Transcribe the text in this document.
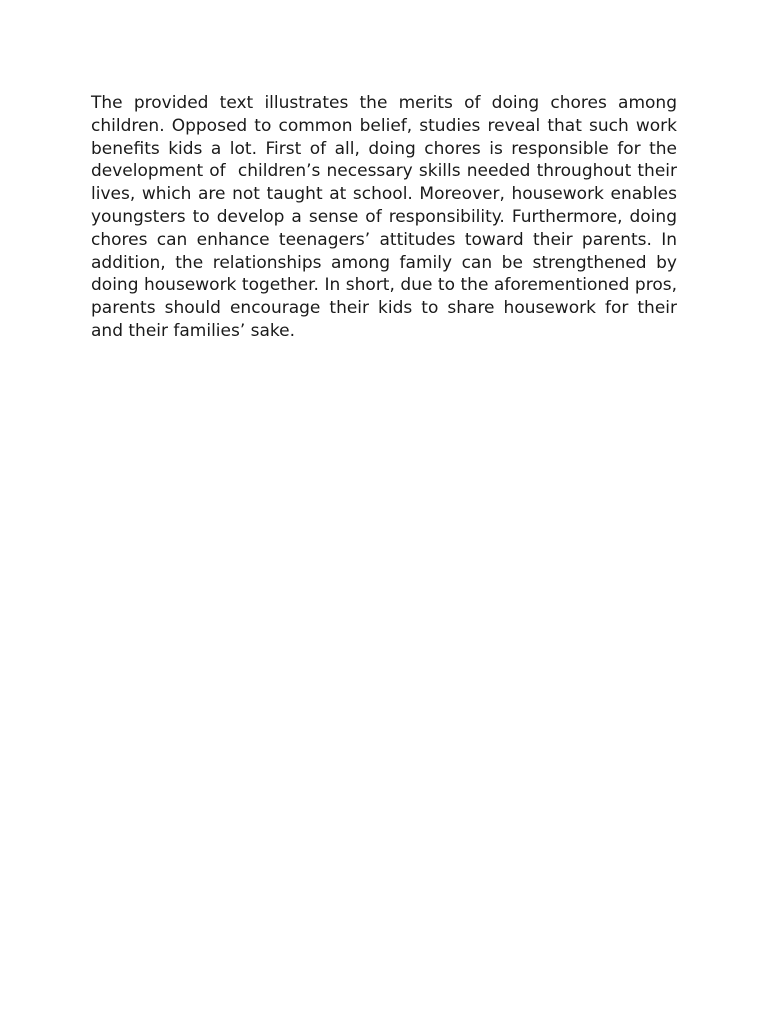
The provided text illustrates the merits of doing chores among children. Opposed to common belief, studies reveal that such work benefits kids a lot. First of all, doing chores is responsible for the development of  children’s necessary skills needed throughout their lives, which are not taught at school. Moreover, housework enables youngsters to develop a sense of responsibility. Furthermore, doing chores can enhance teenagers’ attitudes toward their parents. In addition, the relationships among family can be strengthened by doing housework together. In short, due to the aforementioned pros, parents should encourage their kids to share housework for their and their families’ sake.
